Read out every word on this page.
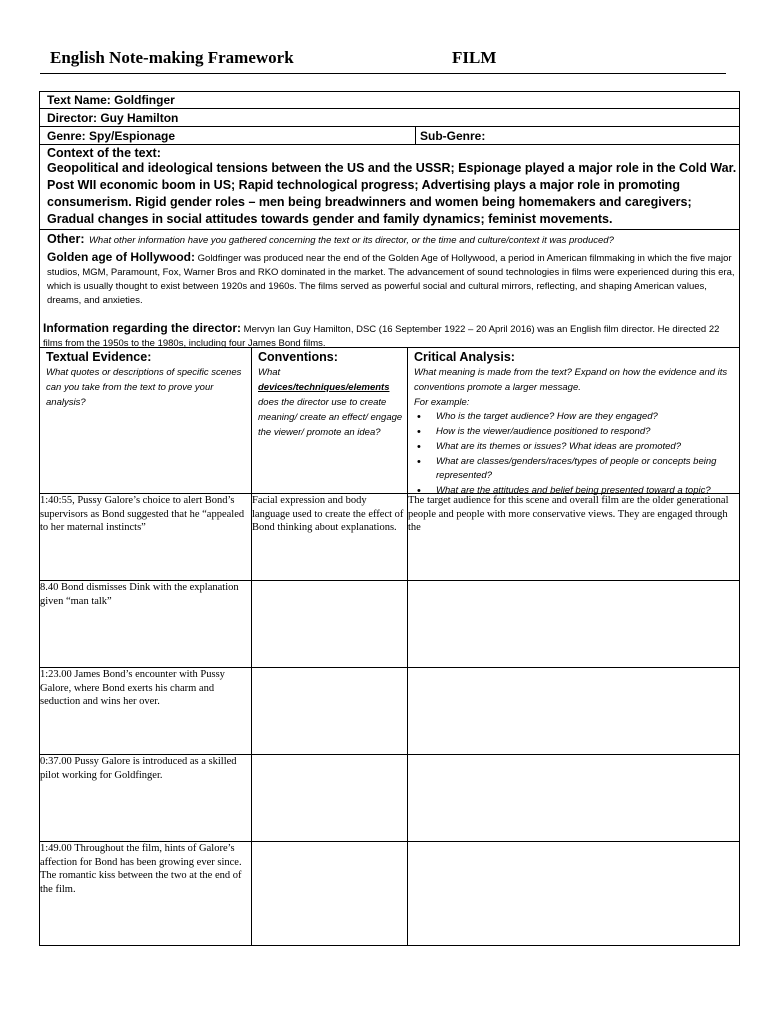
English Note-making Framework	FILM
Text Name: Goldfinger
Director: Guy Hamilton
Genre: Spy/Espionage	Sub-Genre:
Context of the text:
Geopolitical and ideological tensions between the US and the USSR; Espionage played a major role in the Cold War. Post WII economic boom in US; Rapid technological progress; Advertising plays a major role in promoting consumerism. Rigid gender roles – men being breadwinners and women being homemakers and caregivers; Gradual changes in social attitudes towards gender and family dynamics; feminist movements.
Other: What other information have you gathered concerning the text or its director, or the time and culture/context it was produced?
Golden age of Hollywood: Goldfinger was produced near the end of the Golden Age of Hollywood, a period in American filmmaking in which the five major studios, MGM, Paramount, Fox, Warner Bros and RKO dominated in the market. The advancement of sound technologies in films were experienced during this era, which is usually thought to exist between 1920s and 1960s. The films served as powerful social and cultural mirrors, reflecting, and shaping American values, dreams, and anxieties.
Information regarding the director: Mervyn Ian Guy Hamilton, DSC (16 September 1922 – 20 April 2016) was an English film director. He directed 22 films from the 1950s to the 1980s, including four James Bond films.
Textual Evidence:
What quotes or descriptions of specific scenes can you take from the text to prove your analysis?
Conventions:
What
devices/techniques/elements does the director use to create meaning/ create an effect/ engage the viewer/ promote an idea?
Critical Analysis:
What meaning is made from the text? Expand on how the evidence and its conventions promote a larger message.
For example:
• Who is the target audience? How are they engaged?
• How is the viewer/audience positioned to respond?
• What are its themes or issues? What ideas are promoted?
• What are classes/genders/races/types of people or concepts being represented?
• What are the attitudes and belief being presented toward a topic?
1:40:55, Pussy Galore’s choice to alert Bond’s supervisors as Bond suggested that he “appealed to her maternal instincts”
Facial expression and body language used to create the effect of Bond thinking about explanations.
The target audience for this scene and overall film are the older generational people and people with more conservative views. They are engaged through the
8.40 Bond dismisses Dink with the explanation given “man talk”
1:23.00 James Bond’s encounter with Pussy Galore, where Bond exerts his charm and seduction and wins her over.
0:37.00 Pussy Galore is introduced as a skilled pilot working for Goldfinger.
1:49.00 Throughout the film, hints of Galore’s affection for Bond has been growing ever since. The romantic kiss between the two at the end of the film.
